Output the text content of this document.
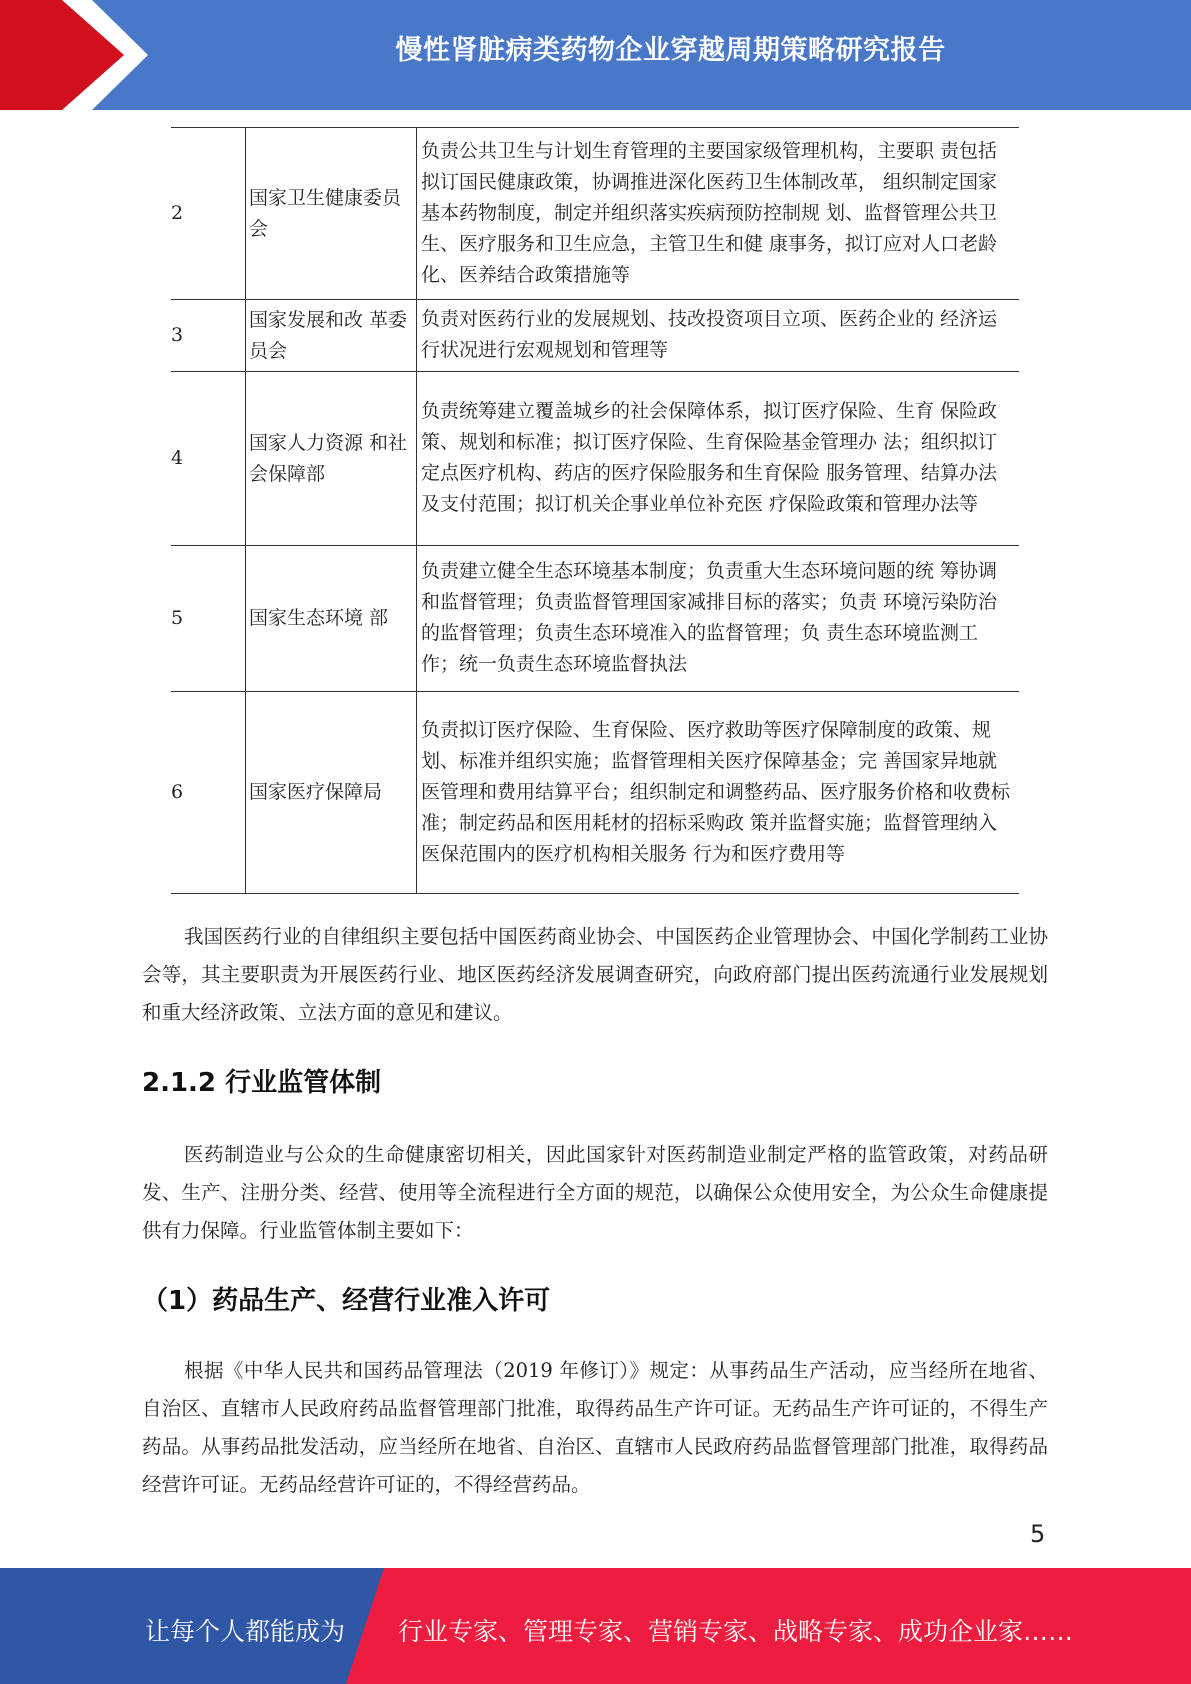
慢性肾脏病类药物企业穿越周期策略研究报告
2	国家卫生健康委员会	负责公共卫生与计划生育管理的主要国家级管理机构，主要职 责包括拟订国民健康政策，协调推进深化医药卫生体制改革， 组织制定国家基本药物制度，制定并组织落实疾病预防控制规 划、监督管理公共卫生、医疗服务和卫生应急，主管卫生和健 康事务，拟订应对人口老龄化、医养结合政策措施等
3	国家发展和改 革委员会	负责对医药行业的发展规划、技改投资项目立项、医药企业的 经济运行状况进行宏观规划和管理等
4	国家人力资源 和社会保障部	负责统筹建立覆盖城乡的社会保障体系，拟订医疗保险、生育 保险政策、规划和标准；拟订医疗保险、生育保险基金管理办 法；组织拟订定点医疗机构、药店的医疗保险服务和生育保险 服务管理、结算办法及支付范围；拟订机关企事业单位补充医 疗保险政策和管理办法等
5	国家生态环境 部	负责建立健全生态环境基本制度；负责重大生态环境问题的统 筹协调和监督管理；负责监督管理国家减排目标的落实；负责 环境污染防治的监督管理；负责生态环境准入的监督管理；负 责生态环境监测工作；统一负责生态环境监督执法
6	国家医疗保障局	负责拟订医疗保险、生育保险、医疗救助等医疗保障制度的政策、规划、标准并组织实施；监督管理相关医疗保障基金；完 善国家异地就医管理和费用结算平台；组织制定和调整药品、医疗服务价格和收费标准；制定药品和医用耗材的招标采购政 策并监督实施；监督管理纳入医保范围内的医疗机构相关服务 行为和医疗费用等
我国医药行业的自律组织主要包括中国医药商业协会、中国医药企业管理协会、中国化学制药工业协会等，其主要职责为开展医药行业、地区医药经济发展调查研究，向政府部门提出医药流通行业发展规划和重大经济政策、立法方面的意见和建议。
2.1.2 行业监管体制
医药制造业与公众的生命健康密切相关，因此国家针对医药制造业制定严格的监管政策，对药品研发、生产、注册分类、经营、使用等全流程进行全方面的规范，以确保公众使用安全，为公众生命健康提供有力保障。行业监管体制主要如下：
（1）药品生产、经营行业准入许可
根据《中华人民共和国药品管理法（2019 年修订）》规定：从事药品生产活动，应当经所在地省、自治区、直辖市人民政府药品监督管理部门批准，取得药品生产许可证。无药品生产许可证的，不得生产药品。从事药品批发活动，应当经所在地省、自治区、直辖市人民政府药品监督管理部门批准，取得药品经营许可证。无药品经营许可证的，不得经营药品。
5
让每个人都能成为 行业专家、管理专家、营销专家、战略专家、成功企业家……
